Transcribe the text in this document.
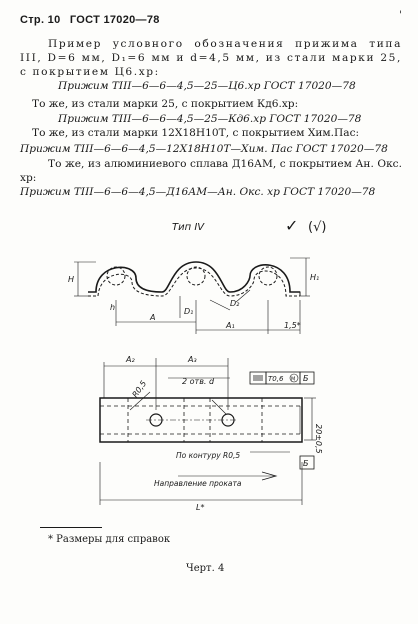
Стр. 10 ГОСТ 17020—78	'
Пример условного обозначения прижима типа III, D=6 мм, D₁=6 мм и d=4,5 мм, из стали марки 25, с покрытием Ц6.хр:
Прижим ТIII—6—6—4,5—25—Ц6.хр ГОСТ 17020—78
То же, из стали марки 25, с покрытием Кд6.хр:
Прижим ТIII—6—6—4,5—25—Кд6.хр ГОСТ 17020—78
То же, из стали марки 12Х18Н10Т, с покрытием Хим.Пас:
Прижим ТIII—6—6—4,5—12Х18Н10Т—Хим. Пас ГОСТ 17020—78
То же, из алюминиевого сплава Д16АМ, с покрытием Ан. Окс. хр:
Прижим ТIII—6—6—4,5—Д16АМ—Ан. Окс. хр ГОСТ 17020—78
Тип IV	✓ (√)
H
h
H₁
D₁
D₂
A
A₁	1,5*
A₂	A₃
R0,5	2 отв. d	T0,6 M Б
20±0,5
Б
По контуру R0,5
Направление проката
L*
* Размеры для справок
Черт. 4
